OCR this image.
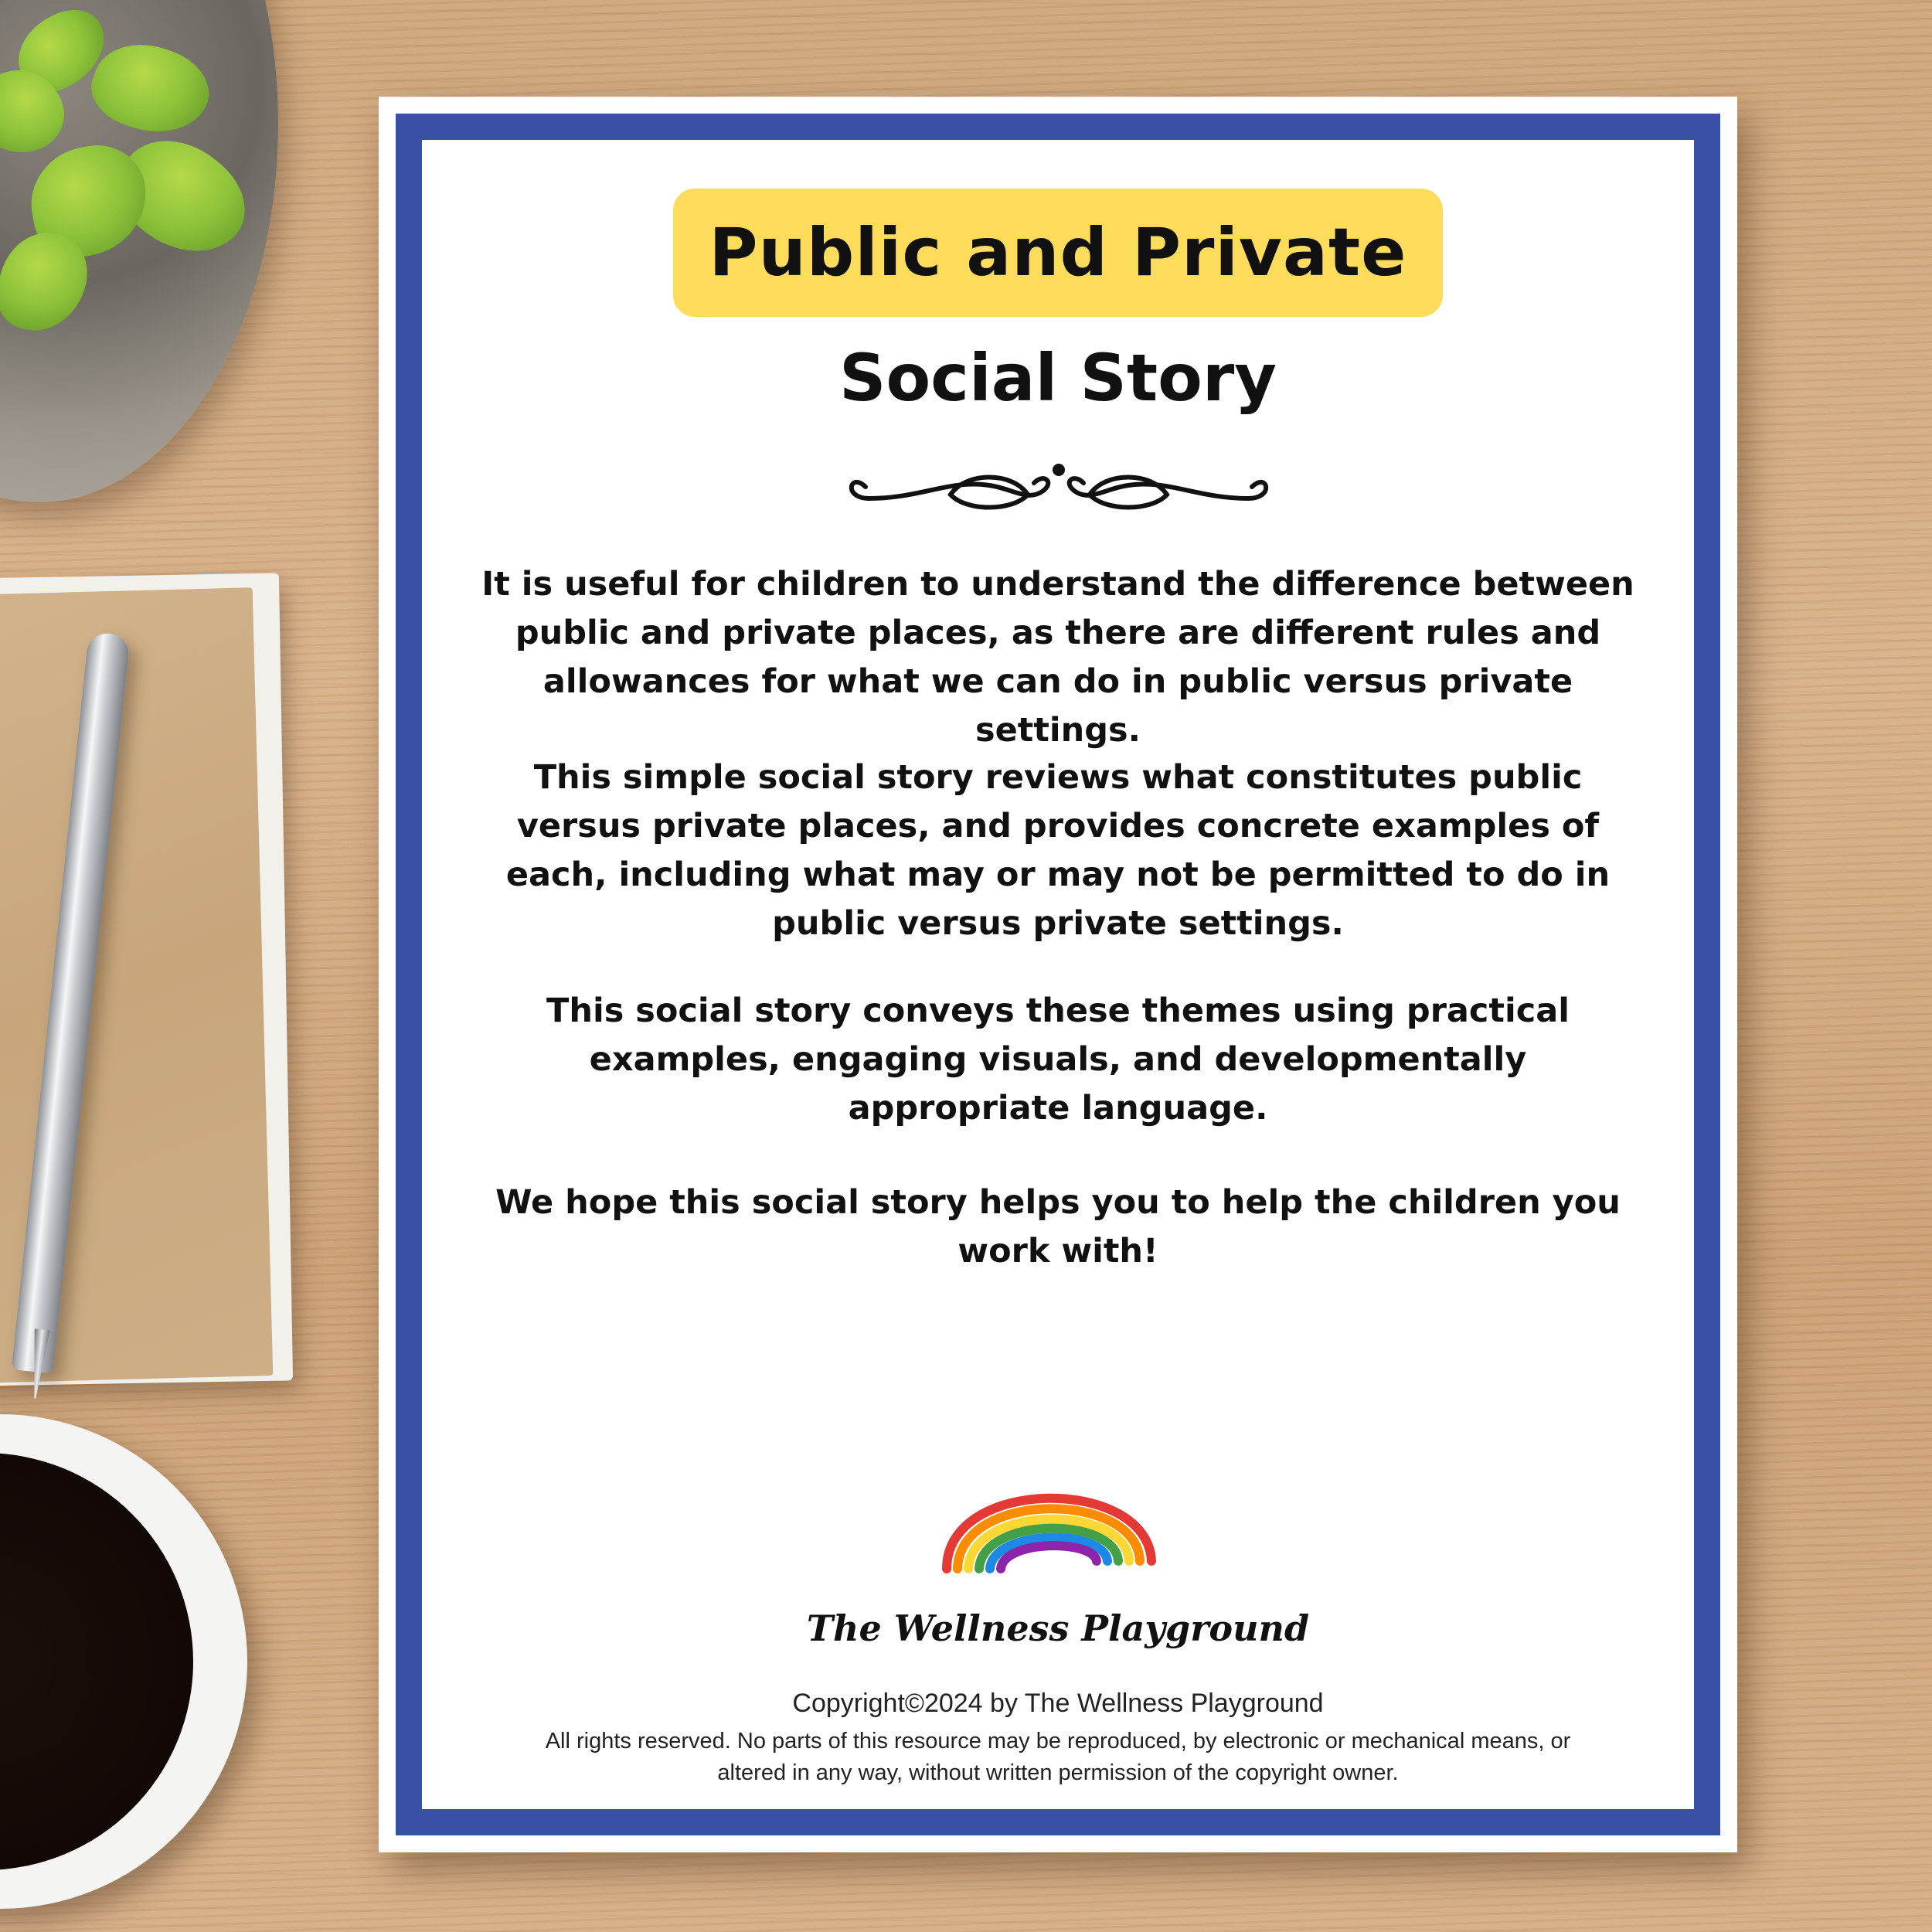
Public and Private
Social Story
It is useful for children to understand the difference between public and private places, as there are different rules and allowances for what we can do in public versus private settings.
This simple social story reviews what constitutes public versus private places, and provides concrete examples of each, including what may or may not be permitted to do in public versus private settings.
This social story conveys these themes using practical examples, engaging visuals, and developmentally appropriate language.
We hope this social story helps you to help the children you work with!
The Wellness Playground
Copyright©2024 by The Wellness Playground
All rights reserved. No parts of this resource may be reproduced, by electronic or mechanical means, or altered in any way, without written permission of the copyright owner.
